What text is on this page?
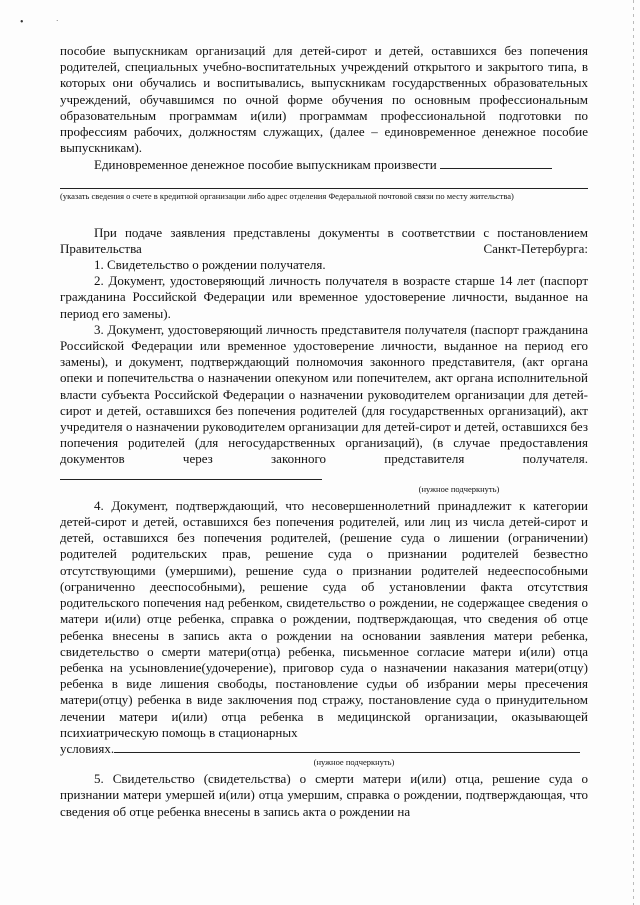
•	·

пособие выпускникам организаций для детей-сирот и детей, оставшихся без попечения родителей, специальных учебно-воспитательных учреждений открытого и закрытого типа, в которых они обучались и воспитывались, выпускникам государственных образовательных учреждений, обучавшимся по очной форме обучения по основным профессиональным образовательным программам и(или) программам профессиональной подготовки по профессиям рабочих, должностям служащих, (далее – единовременное денежное пособие выпускникам).

Единовременное денежное пособие выпускникам произвести

(указать сведения о счете в кредитной организации либо адрес отделения Федеральной почтовой связи по месту жительства)

При подаче заявления представлены документы в соответствии с постановлением Правительства Санкт-Петербурга:

1. Свидетельство о рождении получателя.

2. Документ, удостоверяющий личность получателя в возрасте старше 14 лет (паспорт гражданина Российской Федерации или временное удостоверение личности, выданное на период его замены).

3. Документ, удостоверяющий личность представителя получателя (паспорт гражданина Российской Федерации или временное удостоверение личности, выданное на период его замены), и документ, подтверждающий полномочия законного представителя, (акт органа опеки и попечительства о назначении опекуном или попечителем, акт органа исполнительной власти субъекта Российской Федерации о назначении руководителем организации для детей-сирот и детей, оставшихся без попечения родителей (для государственных организаций), акт учредителя о назначении руководителем организации для детей-сирот и детей, оставшихся без попечения родителей (для негосударственных организаций), (в случае предоставления документов через законного представителя получателя.

(нужное подчеркнуть)

4. Документ, подтверждающий, что несовершеннолетний принадлежит к категории детей-сирот и детей, оставшихся без попечения родителей, или лиц из числа детей-сирот и детей, оставшихся без попечения родителей, (решение суда о лишении (ограничении) родителей родительских прав, решение суда о признании родителей безвестно отсутствующими (умершими), решение суда о признании родителей недееспособными (ограниченно дееспособными), решение суда об установлении факта отсутствия родительского попечения над ребенком, свидетельство о рождении, не содержащее сведения о матери и(или) отце ребенка, справка о рождении, подтверждающая, что сведения об отце ребенка внесены в запись акта о рождении на основании заявления матери ребенка, свидетельство о смерти матери(отца) ребенка, письменное согласие матери и(или) отца ребенка на усыновление(удочерение), приговор суда о назначении наказания матери(отцу) ребенка в виде лишения свободы, постановление судьи об избрании меры пресечения матери(отцу) ребенка в виде заключения под стражу, постановление суда о принудительном лечении матери и(или) отца ребенка в медицинской организации, оказывающей психиатрическую помощь в стационарных

условиях.

(нужное подчеркнуть)

5. Свидетельство (свидетельства) о смерти матери и(или) отца, решение суда о признании матери умершей и(или) отца умершим, справка о рождении, подтверждающая, что сведения об отце ребенка внесены в запись акта о рождении на
